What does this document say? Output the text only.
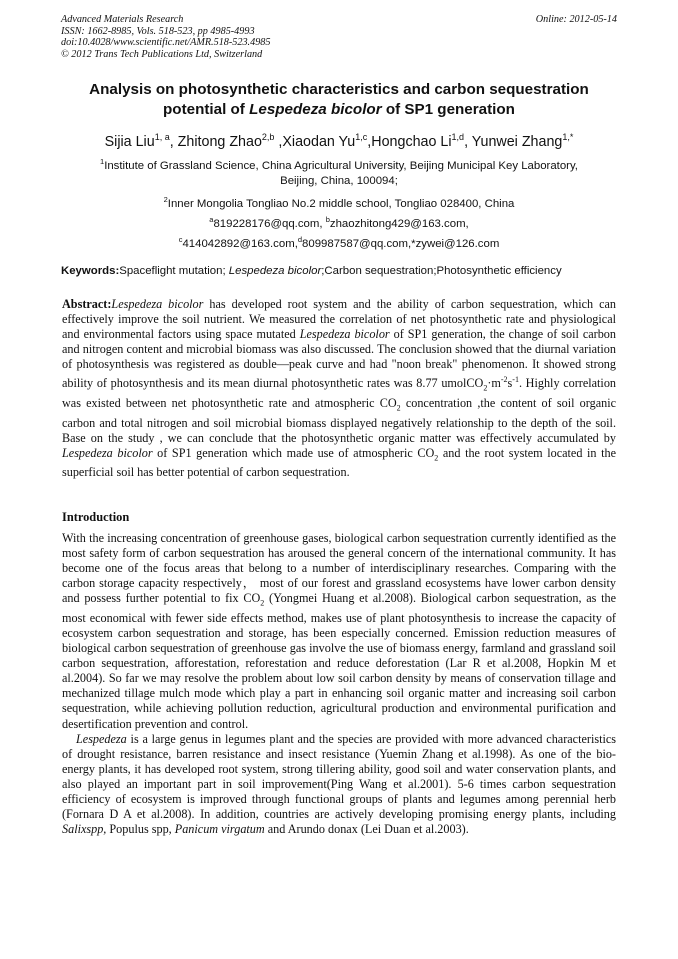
Advanced Materials Research
ISSN: 1662-8985, Vols. 518-523, pp 4985-4993
doi:10.4028/www.scientific.net/AMR.518-523.4985
© 2012 Trans Tech Publications Ltd, Switzerland
Online: 2012-05-14
Analysis on photosynthetic characteristics and carbon sequestration
potential of Lespedeza bicolor of SP1 generation
Sijia Liu$^{1, a}$, Zhitong Zhao$^{2,b}$ ,Xiaodan Yu$^{1,c}$,Hongchao Li$^{1,d}$, Yunwei Zhang$^{1,*}$
$^1$Institute of Grassland Science, China Agricultural University, Beijing Municipal Key Laboratory,
Beijing, China, 100094;
$^2$Inner Mongolia Tongliao No.2 middle school, Tongliao 028400, China
$^a$819228176@qq.com, $^b$zhaozhitong429@163.com,
$^c$414042892@163.com,$^d$809987587@qq.com,*zywei@126.com
Keywords:Spaceflight mutation; Lespedeza bicolor;Carbon sequestration;Photosynthetic efficiency

Abstract:Lespedeza bicolor has developed root system and the ability of carbon sequestration, which can effectively improve the soil nutrient. We measured the correlation of net photosynthetic rate and physiological and environmental factors using space mutated Lespedeza bicolor of SP1 generation, the change of soil carbon and nitrogen content and microbial biomass was also discussed. The conclusion showed that the diurnal variation of photosynthesis was registered as double—peak curve and had "noon break" phenomenon. It showed strong ability of photosynthesis and its mean diurnal photosynthetic rates was 8.77 $umolCO_2\cdot m^{-2}s^{-1}$. Highly correlation was existed between net photosynthetic rate and atmospheric $CO_2$ concentration ,the content of soil organic carbon and total nitrogen and soil microbial biomass displayed negatively relationship to the depth of the soil. Base on the study , we can conclude that the photosynthetic organic matter was effectively accumulated by Lespedeza bicolor of SP1 generation which made use of atmospheric $CO_2$ and the root system located in the superficial soil has better potential of carbon sequestration.

Introduction

With the increasing concentration of greenhouse gases, biological carbon sequestration currently identified as the most safety form of carbon sequestration has aroused the general concern of the international community. It has become one of the focus areas that belong to a number of interdisciplinary researches. Comparing with the carbon storage capacity respectively， most of our forest and grassland ecosystems have lower carbon density and possess further potential to fix $CO_2$ (Yongmei Huang et al.2008). Biological carbon sequestration, as the most economical with fewer side effects method, makes use of plant photosynthesis to increase the capacity of ecosystem carbon sequestration and storage, has been especially concerned. Emission reduction measures of biological carbon sequestration of greenhouse gas involve the use of biomass energy, farmland and grassland soil carbon sequestration, afforestation, reforestation and reduce deforestation (Lar R et al.2008, Hopkin M et al.2004). So far we may resolve the problem about low soil carbon density by means of conservation tillage and mechanized tillage mulch mode which play a part in enhancing soil organic matter and increasing soil carbon sequestration, while achieving pollution reduction, agricultural production and environmental purification and desertification prevention and control.

Lespedeza is a large genus in legumes plant and the species are provided with more advanced characteristics of drought resistance, barren resistance and insect resistance (Yuemin Zhang et al.1998). As one of the bio-energy plants, it has developed root system, strong tillering ability, good soil and water conservation plants, and also played an important part in soil improvement(Ping Wang et al.2001). 5-6 times carbon sequestration efficiency of ecosystem is improved through functional groups of plants and legumes among perennial herb (Fornara D A et al.2008). In addition, countries are actively developing promising energy plants, including Salixspp, Populus spp, Panicum virgatum and Arundo donax (Lei Duan et al.2003).
